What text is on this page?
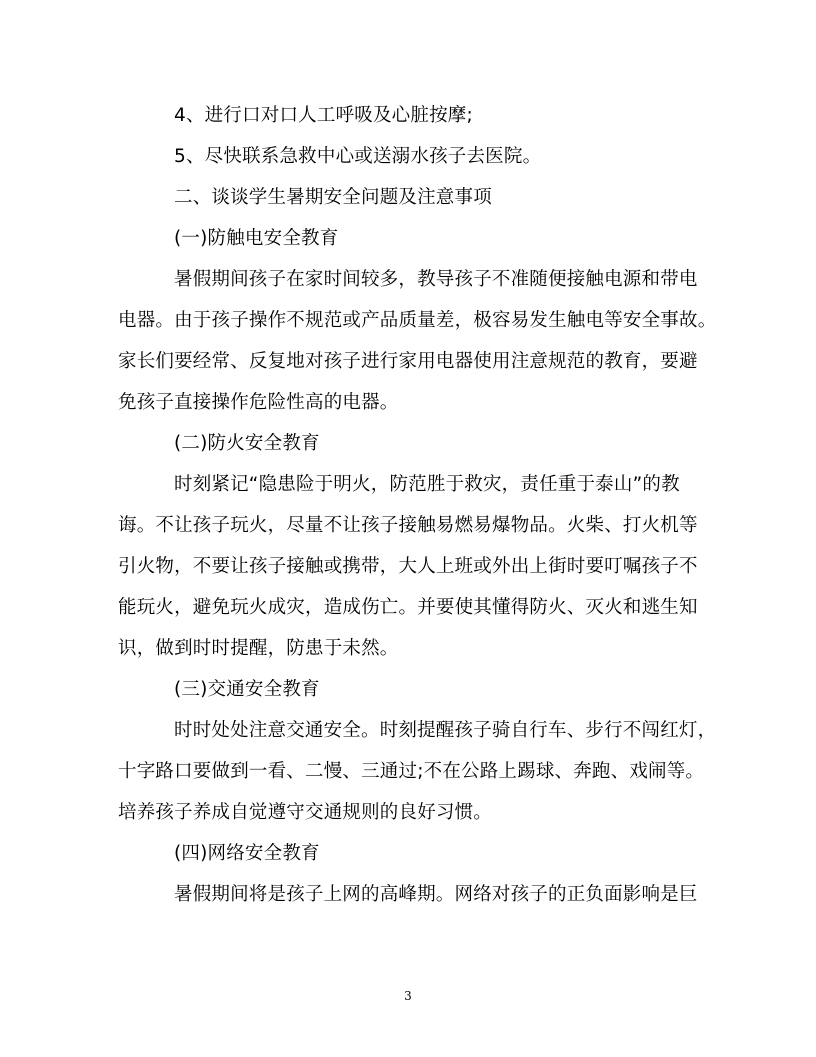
4、进行口对口人工呼吸及心脏按摩;
5、尽快联系急救中心或送溺水孩子去医院。
二、谈谈学生暑期安全问题及注意事项
(一)防触电安全教育
暑假期间孩子在家时间较多，教导孩子不准随便接触电源和带电
电器。由于孩子操作不规范或产品质量差，极容易发生触电等安全事故。
家长们要经常、反复地对孩子进行家用电器使用注意规范的教育，要避
免孩子直接操作危险性高的电器。
(二)防火安全教育
时刻紧记“隐患险于明火，防范胜于救灾，责任重于泰山”的教
诲。不让孩子玩火，尽量不让孩子接触易燃易爆物品。火柴、打火机等
引火物，不要让孩子接触或携带，大人上班或外出上街时要叮嘱孩子不
能玩火，避免玩火成灾，造成伤亡。并要使其懂得防火、灭火和逃生知
识，做到时时提醒，防患于未然。
(三)交通安全教育
时时处处注意交通安全。时刻提醒孩子骑自行车、步行不闯红灯，
十字路口要做到一看、二慢、三通过;不在公路上踢球、奔跑、戏闹等。
培养孩子养成自觉遵守交通规则的良好习惯。
(四)网络安全教育
暑假期间将是孩子上网的高峰期。网络对孩子的正负面影响是巨
3
